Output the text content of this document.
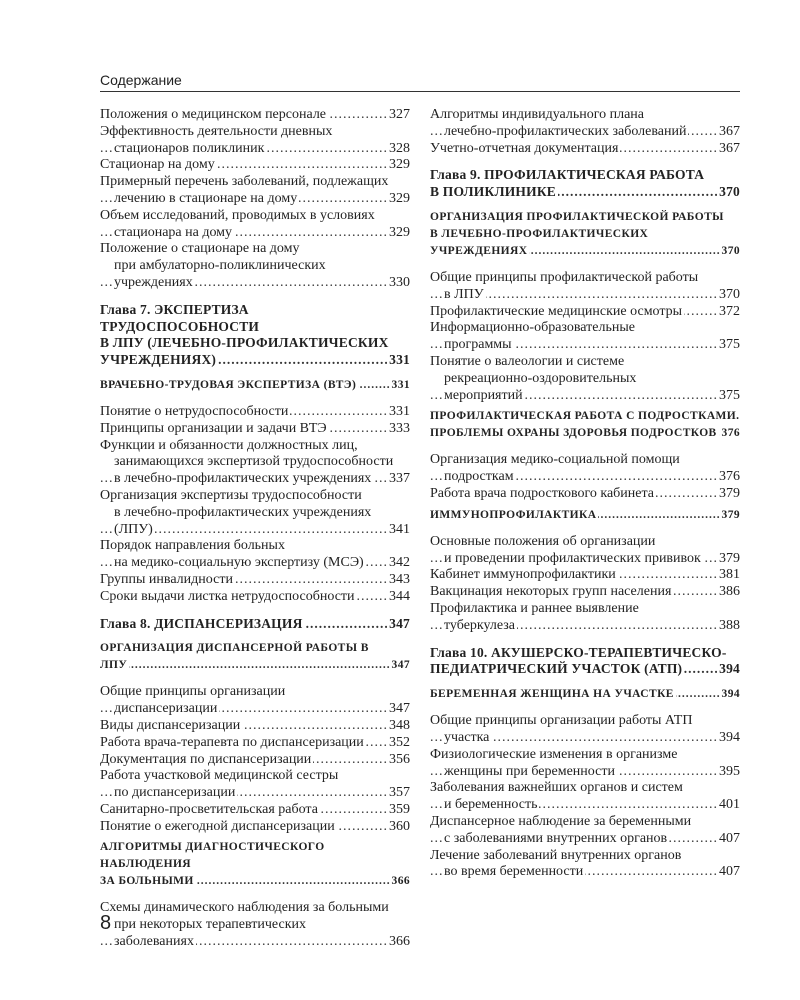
Содержание
Положения о медицинском персонале .....	327
Эффективность деятельности дневных
стационаров поликлиник .....	328
Стационар на дому .....	329
Примерный перечень заболеваний, подлежащих
лечению в стационаре на дому .....	329
Объем исследований, проводимых в условиях
стационара на дому .....	329
Положение о стационаре на дому
при амбулаторно-поликлинических
учреждениях .....	330
Глава 7. ЭКСПЕРТИЗА ТРУДОСПОСОБНОСТИ
В ЛПУ (ЛЕЧЕБНО-ПРОФИЛАКТИЧЕСКИХ
УЧРЕЖДЕНИЯХ) .....	331
ВРАЧЕБНО-ТРУДОВАЯ ЭКСПЕРТИЗА (ВТЭ) .....	331
Понятие о нетрудоспособности .....	331
Принципы организации и задачи ВТЭ .....	333
Функции и обязанности должностных лиц,
занимающихся экспертизой трудоспособности
в лечебно-профилактических учреждениях .....	337
Организация экспертизы трудоспособности
в лечебно-профилактических учреждениях
(ЛПУ) .....	341
Порядок направления больных
на медико-социальную экспертизу (МСЭ) .....	342
Группы инвалидности .....	343
Сроки выдачи листка нетрудоспособности .....	344
Глава 8. ДИСПАНСЕРИЗАЦИЯ .....	347
ОРГАНИЗАЦИЯ ДИСПАНСЕРНОЙ РАБОТЫ В ЛПУ .....	347
Общие принципы организации
диспансеризации .....	347
Виды диспансеризации .....	348
Работа врача-терапевта по диспансеризации .....	352
Документация по диспансеризации .....	356
Работа участковой медицинской сестры
по диспансеризации .....	357
Санитарно-просветительская работа .....	359
Понятие о ежегодной диспансеризации .....	360
АЛГОРИТМЫ ДИАГНОСТИЧЕСКОГО НАБЛЮДЕНИЯ
ЗА БОЛЬНЫМИ .....	366
Схемы динамического наблюдения за больными
при некоторых терапевтических
заболеваниях .....	366
Алгоритмы индивидуального плана
лечебно-профилактических заболеваний .....	367
Учетно-отчетная документация .....	367
Глава 9. ПРОФИЛАКТИЧЕСКАЯ РАБОТА
В ПОЛИКЛИНИКЕ .....	370
ОРГАНИЗАЦИЯ ПРОФИЛАКТИЧЕСКОЙ РАБОТЫ
В ЛЕЧЕБНО-ПРОФИЛАКТИЧЕСКИХ
УЧРЕЖДЕНИЯХ .....	370
Общие принципы профилактической работы
в ЛПУ .....	370
Профилактические медицинские осмотры .....	372
Информационно-образовательные
программы .....	375
Понятие о валеологии и системе
рекреационно-оздоровительных
мероприятий .....	375
ПРОФИЛАКТИЧЕСКАЯ РАБОТА С ПОДРОСТКАМИ.
ПРОБЛЕМЫ ОХРАНЫ ЗДОРОВЬЯ ПОДРОСТКОВ ..... 376
Организация медико-социальной помощи
подросткам .....	376
Работа врача подросткового кабинета .....	379
ИММУНОПРОФИЛАКТИКА .....	379
Основные положения об организации
и проведении профилактических прививок .....	379
Кабинет иммунопрофилактики .....	381
Вакцинация некоторых групп населения .....	386
Профилактика и раннее выявление
туберкулеза .....	388
Глава 10. АКУШЕРСКО-ТЕРАПЕВТИЧЕСКО-
ПЕДИАТРИЧЕСКИЙ УЧАСТОК (АТП) .....	394
БЕРЕМЕННАЯ ЖЕНЩИНА НА УЧАСТКЕ .....	394
Общие принципы организации работы АТП
участка .....	394
Физиологические изменения в организме
женщины при беременности .....	395
Заболевания важнейших органов и систем
и беременность .....	401
Диспансерное наблюдение за беременными
с заболеваниями внутренних органов .....	407
Лечение заболеваний внутренних органов
во время беременности .....	407
8
